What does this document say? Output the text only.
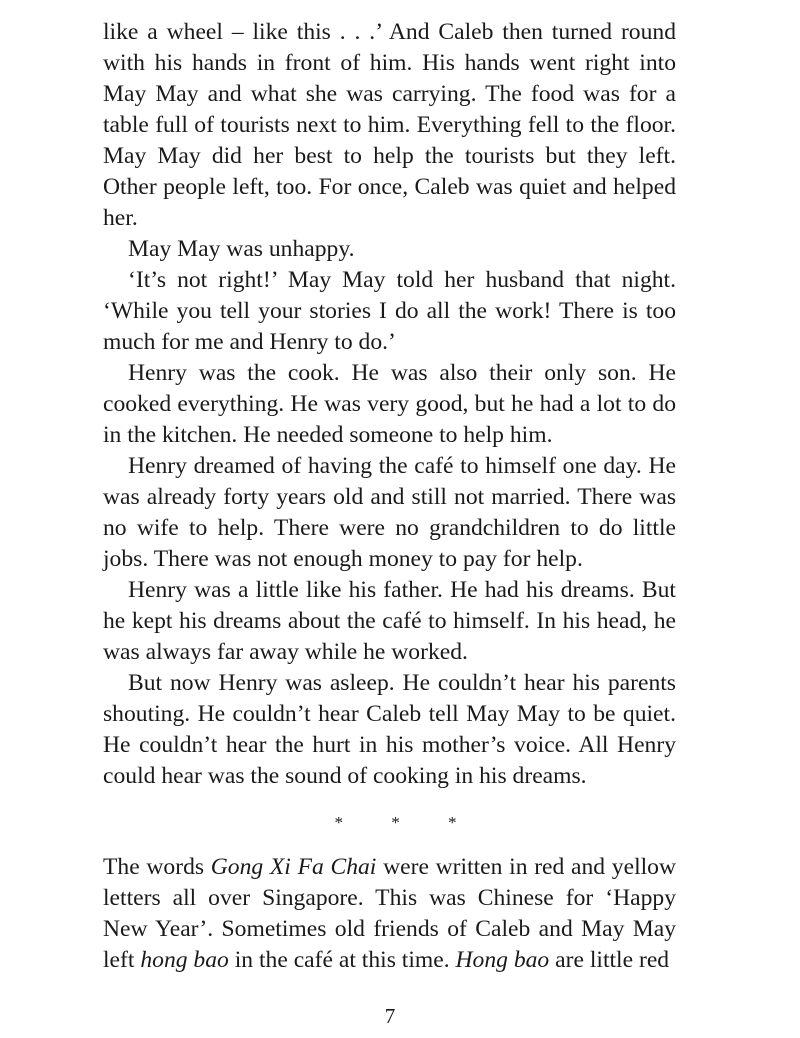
like a wheel – like this . . .’ And Caleb then turned round with his hands in front of him. His hands went right into May May and what she was carrying. The food was for a table full of tourists next to him. Everything fell to the floor. May May did her best to help the tourists but they left. Other people left, too. For once, Caleb was quiet and helped her.

May May was unhappy.

‘It’s not right!’ May May told her husband that night. ‘While you tell your stories I do all the work! There is too much for me and Henry to do.’

Henry was the cook. He was also their only son. He cooked everything. He was very good, but he had a lot to do in the kitchen. He needed someone to help him.

Henry dreamed of having the café to himself one day. He was already forty years old and still not married. There was no wife to help. There were no grandchildren to do little jobs. There was not enough money to pay for help.

Henry was a little like his father. He had his dreams. But he kept his dreams about the café to himself. In his head, he was always far away while he worked.

But now Henry was asleep. He couldn’t hear his parents shouting. He couldn’t hear Caleb tell May May to be quiet. He couldn’t hear the hurt in his mother’s voice. All Henry could hear was the sound of cooking in his dreams.

* * *

The words Gong Xi Fa Chai were written in red and yellow letters all over Singapore. This was Chinese for ‘Happy New Year’. Sometimes old friends of Caleb and May May left hong bao in the café at this time. Hong bao are little red

7
